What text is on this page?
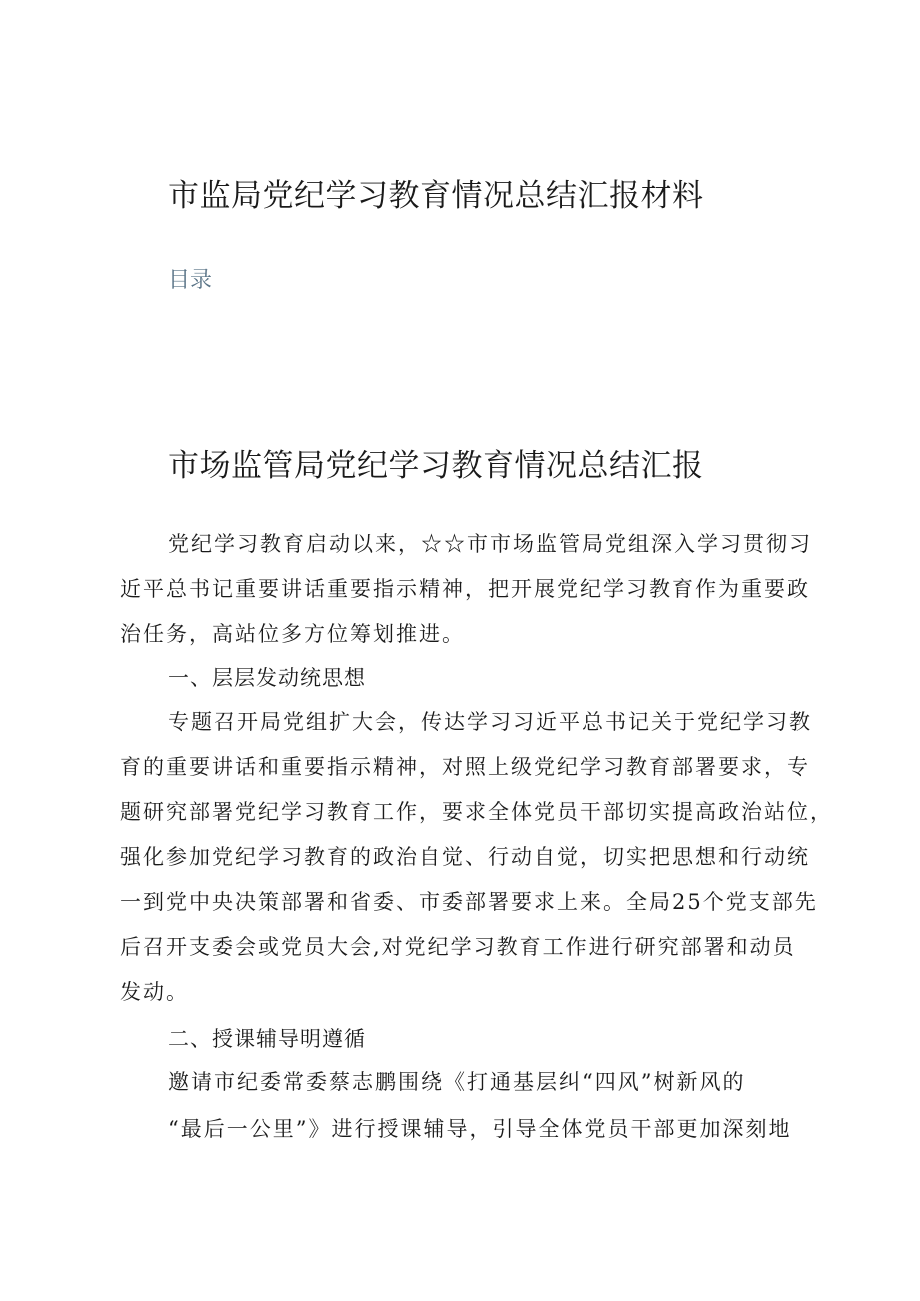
市监局党纪学习教育情况总结汇报材料
目录
市场监管局党纪学习教育情况总结汇报
党纪学习教育启动以来，☆☆市市场监管局党组深入学习贯彻习
近平总书记重要讲话重要指示精神，把开展党纪学习教育作为重要政
治任务，高站位多方位筹划推进。
一、层层发动统思想
专题召开局党组扩大会，传达学习习近平总书记关于党纪学习教
育的重要讲话和重要指示精神，对照上级党纪学习教育部署要求，专
题研究部署党纪学习教育工作，要求全体党员干部切实提高政治站位，
强化参加党纪学习教育的政治自觉、行动自觉，切实把思想和行动统
一到党中央决策部署和省委、市委部署要求上来。全局25个党支部先
后召开支委会或党员大会,对党纪学习教育工作进行研究部署和动员
发动。
二、授课辅导明遵循
邀请市纪委常委蔡志鹏围绕《打通基层纠“四风”树新风的
“最后一公里”》进行授课辅导，引导全体党员干部更加深刻地
